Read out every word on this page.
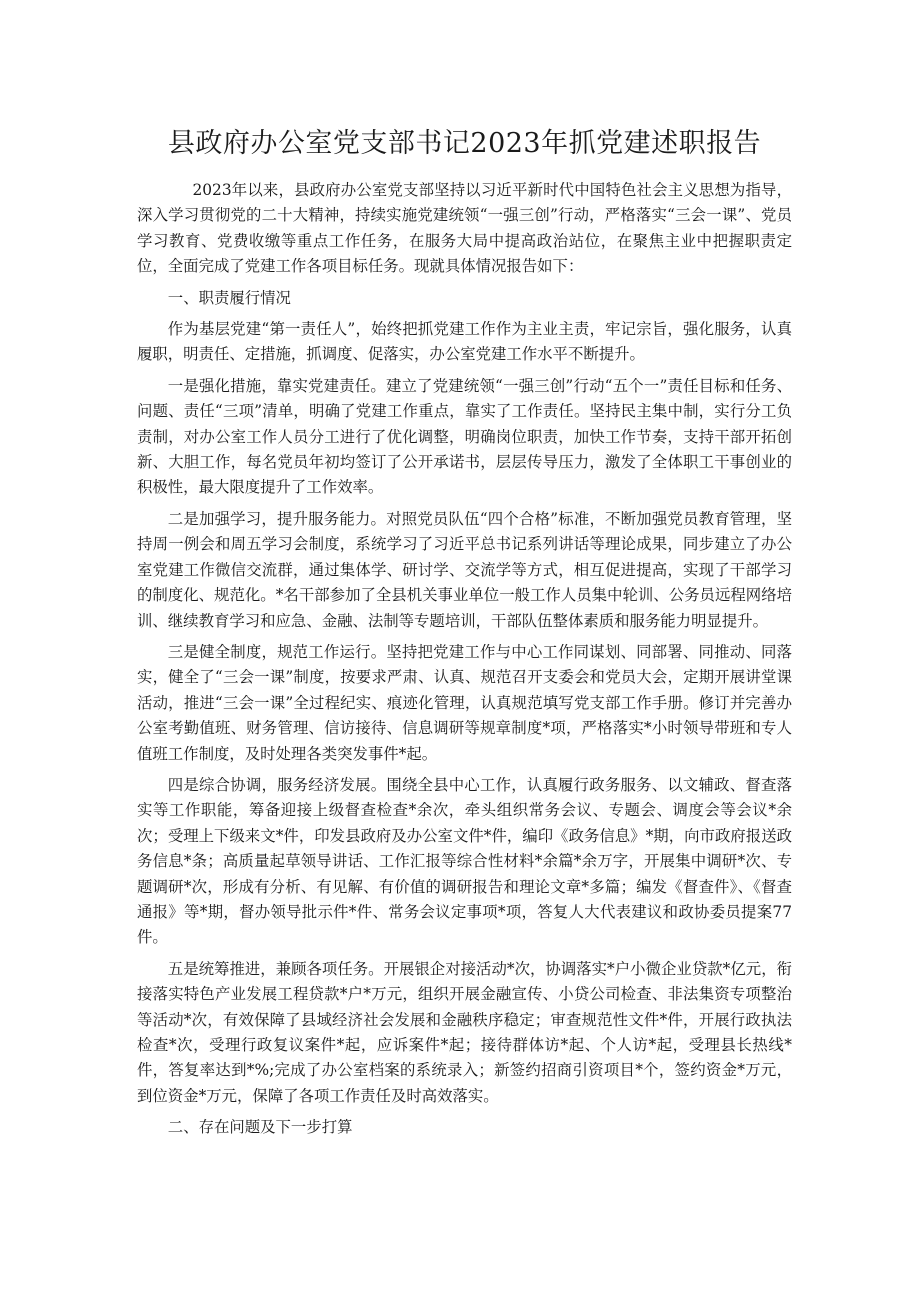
县政府办公室党支部书记2023年抓党建述职报告

2023年以来，县政府办公室党支部坚持以习近平新时代中国特色社会主义思想为指导，深入学习贯彻党的二十大精神，持续实施党建统领“一强三创”行动，严格落实“三会一课”、党员学习教育、党费收缴等重点工作任务，在服务大局中提高政治站位，在聚焦主业中把握职责定位，全面完成了党建工作各项目标任务。现就具体情况报告如下：

一、职责履行情况

作为基层党建“第一责任人”，始终把抓党建工作作为主业主责，牢记宗旨，强化服务，认真履职，明责任、定措施，抓调度、促落实，办公室党建工作水平不断提升。

一是强化措施，靠实党建责任。建立了党建统领“一强三创”行动“五个一”责任目标和任务、问题、责任“三项”清单，明确了党建工作重点，靠实了工作责任。坚持民主集中制，实行分工负责制，对办公室工作人员分工进行了优化调整，明确岗位职责，加快工作节奏，支持干部开拓创新、大胆工作，每名党员年初均签订了公开承诺书，层层传导压力，激发了全体职工干事创业的积极性，最大限度提升了工作效率。

二是加强学习，提升服务能力。对照党员队伍“四个合格”标准，不断加强党员教育管理，坚持周一例会和周五学习会制度，系统学习了习近平总书记系列讲话等理论成果，同步建立了办公室党建工作微信交流群，通过集体学、研讨学、交流学等方式，相互促进提高，实现了干部学习的制度化、规范化。*名干部参加了全县机关事业单位一般工作人员集中轮训、公务员远程网络培训、继续教育学习和应急、金融、法制等专题培训，干部队伍整体素质和服务能力明显提升。

三是健全制度，规范工作运行。坚持把党建工作与中心工作同谋划、同部署、同推动、同落实，健全了“三会一课”制度，按要求严肃、认真、规范召开支委会和党员大会，定期开展讲堂课活动，推进“三会一课”全过程纪实、痕迹化管理，认真规范填写党支部工作手册。修订并完善办公室考勤值班、财务管理、信访接待、信息调研等规章制度*项，严格落实*小时领导带班和专人值班工作制度，及时处理各类突发事件*起。

四是综合协调，服务经济发展。围绕全县中心工作，认真履行政务服务、以文辅政、督查落实等工作职能，筹备迎接上级督查检查*余次，牵头组织常务会议、专题会、调度会等会议*余次；受理上下级来文*件，印发县政府及办公室文件*件，编印《政务信息》*期，向市政府报送政务信息*条；高质量起草领导讲话、工作汇报等综合性材料*余篇*余万字，开展集中调研*次、专题调研*次，形成有分析、有见解、有价值的调研报告和理论文章*多篇；编发《督查件》、《督查通报》等*期，督办领导批示件*件、常务会议定事项*项，答复人大代表建议和政协委员提案77件。

五是统筹推进，兼顾各项任务。开展银企对接活动*次，协调落实*户小微企业贷款*亿元，衔接落实特色产业发展工程贷款*户*万元，组织开展金融宣传、小贷公司检查、非法集资专项整治等活动*次，有效保障了县域经济社会发展和金融秩序稳定；审查规范性文件*件，开展行政执法检查*次，受理行政复议案件*起，应诉案件*起；接待群体访*起、个人访*起，受理县长热线*件，答复率达到*%;完成了办公室档案的系统录入；新签约招商引资项目*个，签约资金*万元，到位资金*万元，保障了各项工作责任及时高效落实。

二、存在问题及下一步打算
